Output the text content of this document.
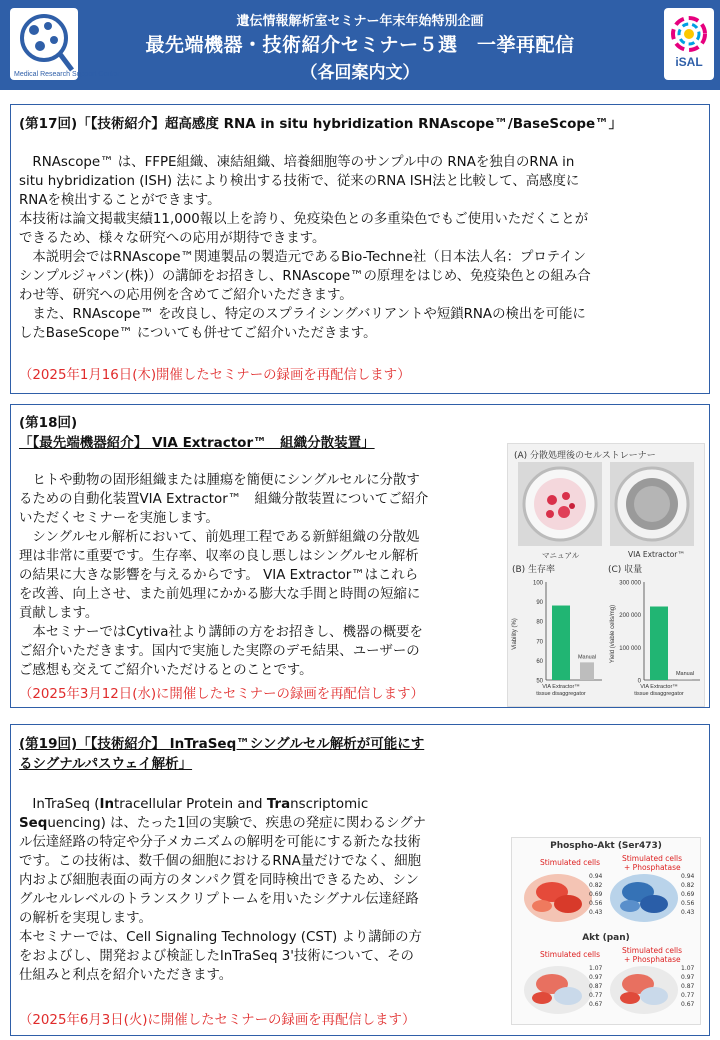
Medical Research Support Center
遺伝情報解析室セミナー年末年始特別企画
最先端機器・技術紹介セミナー５選　一挙再配信
（各回案内文）
iSAL
(第17回)「【技術紹介】超高感度 RNA in situ hybridization RNAscope™/BaseScope™」
　RNAscope™ は、FFPE組織、凍結組織、培養細胞等のサンプル中の RNAを独自のRNA in
situ hybridization (ISH) 法により検出する技術で、従来のRNA ISH法と比較して、高感度に
RNAを検出することができます。
本技術は論文掲載実績11,000報以上を誇り、免疫染色との多重染色でもご使用いただくことが
できるため、様々な研究への応用が期待できます。
　本説明会ではRNAscope™関連製品の製造元であるBio-Techne社（日本法人名：プロテイン
シンプルジャパン(株)）の講師をお招きし、RNAscope™の原理をはじめ、免疫染色との組み合
わせ等、研究への応用例を含めてご紹介いただきます。
　また、RNAscope™ を改良し、特定のスプライシングバリアントや短鎖RNAの検出を可能に
したBaseScope™ についても併せてご紹介いただきます。
（2025年1月16日(木)開催したセミナーの録画を再配信します）
(第18回)
「【最先端機器紹介】 VIA Extractor™　組織分散装置」
　ヒトや動物の固形組織または腫瘍を簡便にシングルセルに分散す
るための自動化装置VIA Extractor™　組織分散装置についてご紹介
いただくセミナーを実施します。
　シングルセル解析において、前処理工程である新鮮組織の分散処
理は非常に重要です。生存率、収率の良し悪しはシングルセル解析
の結果に大きな影響を与えるからです。 VIA Extractor™はこれら
を改善、向上させ、また前処理にかかる膨大な手間と時間の短縮に
貢献します。
　本セミナーではCytiva社より講師の方をお招きし、機器の概要を
ご紹介いただきます。国内で実施した実際のデモ結果、ユーザーの
ご感想も交えてご紹介いただけるとのことです。
（2025年3月12日(水)に開催したセミナーの録画を再配信します）
(A) 分散処理後のセルストレーナー
マニュアル	VIA Extractor™
(B) 生存率	(C) 収量
100
90
80
70
60
50
Viability (%)
Manual
VIA Extractor™
tissue disaggregator
300 000
200 000
100 000
0
Yield (viable cells/mg)
Manual
VIA Extractor™
tissue disaggregator
(第19回)「【技術紹介】 InTraSeq™シングルセル解析が可能にす
るシグナルパスウェイ解析」
　InTraSeq (Intracellular Protein and Transcriptomic
Sequencing) は、たった1回の実験で、疾患の発症に関わるシグナ
ル伝達経路の特定や分子メカニズムの解明を可能にする新たな技術
です。この技術は、数千個の細胞におけるRNA量だけでなく、細胞
内および細胞表面の両方のタンパク質を同時検出できるため、シン
グルセルレベルのトランスクリプトームを用いたシグナル伝達経路
の解析を実現します。
本セミナーでは、Cell Signaling Technology (CST) より講師の方
をおよびし、開発および検証したInTraSeq 3'技術について、その
仕組みと利点を紹介いただきます。
（2025年6月3日(火)に開催したセミナーの録画を再配信します）
Phospho-Akt (Ser473)
Stimulated cells	Stimulated cells
+ Phosphatase
0.94
0.82
0.69
0.56
0.43
0.94
0.82
0.69
0.56
0.43
Akt (pan)
Stimulated cells	Stimulated cells
+ Phosphatase
1.07
0.97
0.87
0.77
0.67
1.07
0.97
0.87
0.77
0.67
